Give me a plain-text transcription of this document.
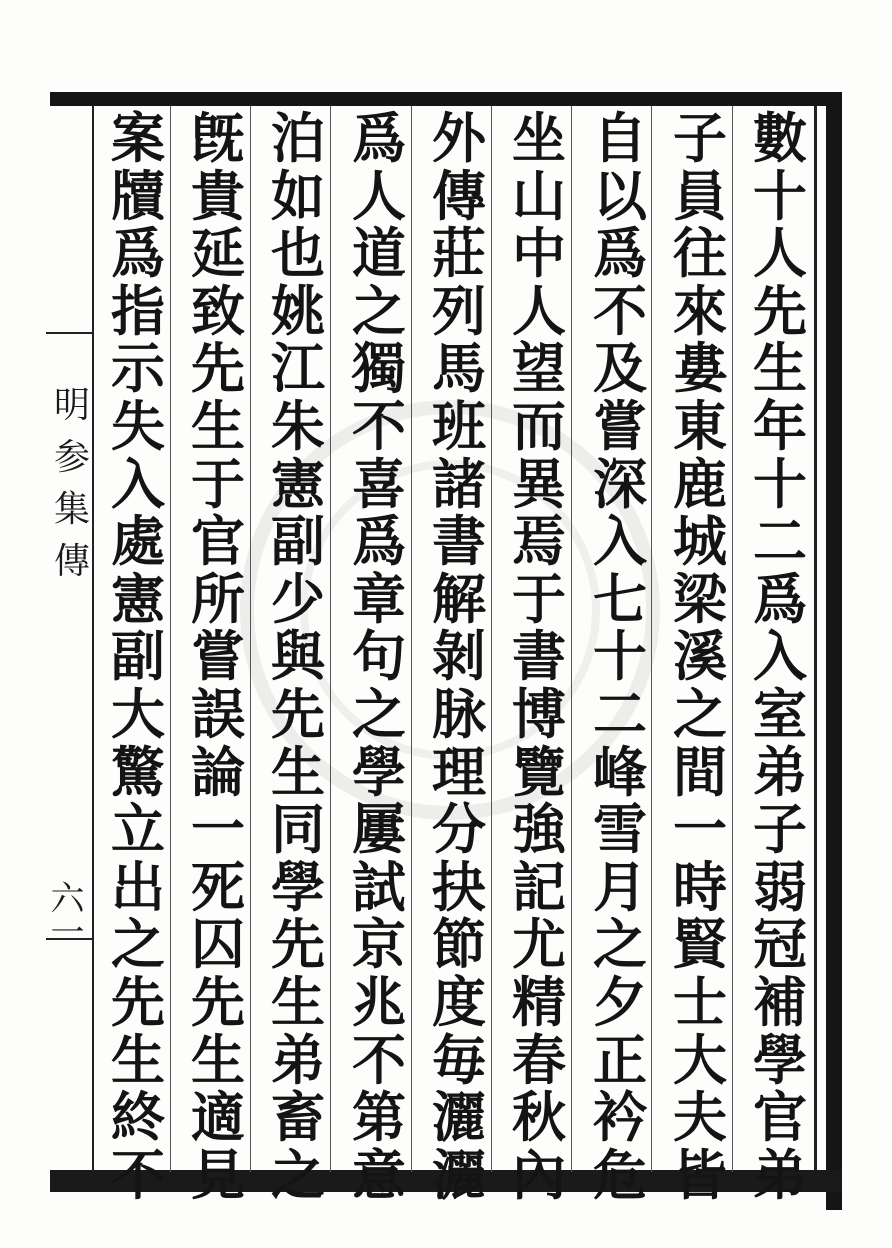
明
参
集
傳
六一
數
十
人
先
生
年
十
二
爲
入
室
弟
子
弱
冠
補
學
官
弟
子
員
往
來
婁
東
鹿
城
梁
溪
之
間
一
時
賢
士
大
夫
皆
自
以
爲
不
及
嘗
深
入
七
十
二
峰
雪
月
之
夕
正
衿
危
坐
山
中
人
望
而
異
焉
于
書
博
覽
強
記
尤
精
春
秋
內
外
傳
莊
列
馬
班
諸
書
解
剝
脉
理
分
抉
節
度
毎
灑
灑
爲
人
道
之
獨
不
喜
爲
章
句
之
學
屢
試
京
兆
不
第
意
泊
如
也
姚
江
朱
憲
副
少
與
先
生
同
學
先
生
弟
畜
之
旣
貴
延
致
先
生
于
官
所
嘗
誤
論
一
死
囚
先
生
適
見
案
牘
爲
指
示
失
入
處
憲
副
大
驚
立
出
之
先
生
終
不
